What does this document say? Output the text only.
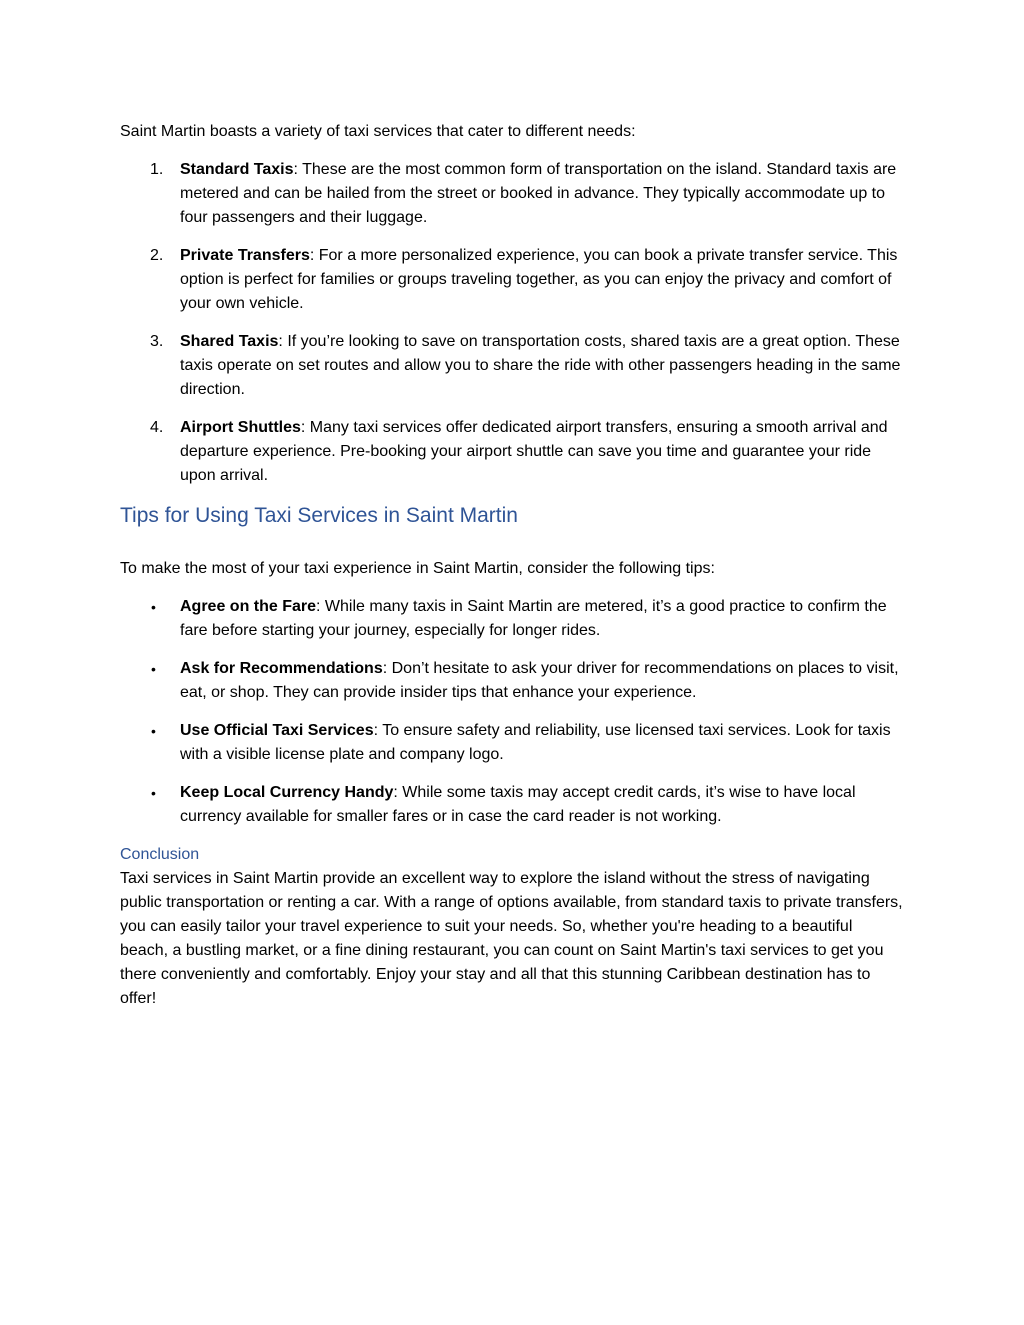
Saint Martin boasts a variety of taxi services that cater to different needs:

1. Standard Taxis: These are the most common form of transportation on the island. Standard taxis are metered and can be hailed from the street or booked in advance. They typically accommodate up to four passengers and their luggage.
2. Private Transfers: For a more personalized experience, you can book a private transfer service. This option is perfect for families or groups traveling together, as you can enjoy the privacy and comfort of your own vehicle.
3. Shared Taxis: If you’re looking to save on transportation costs, shared taxis are a great option. These taxis operate on set routes and allow you to share the ride with other passengers heading in the same direction.
4. Airport Shuttles: Many taxi services offer dedicated airport transfers, ensuring a smooth arrival and departure experience. Pre-booking your airport shuttle can save you time and guarantee your ride upon arrival.
Tips for Using Taxi Services in Saint Martin

To make the most of your taxi experience in Saint Martin, consider the following tips:

• Agree on the Fare: While many taxis in Saint Martin are metered, it’s a good practice to confirm the fare before starting your journey, especially for longer rides.
• Ask for Recommendations: Don’t hesitate to ask your driver for recommendations on places to visit, eat, or shop. They can provide insider tips that enhance your experience.
• Use Official Taxi Services: To ensure safety and reliability, use licensed taxi services. Look for taxis with a visible license plate and company logo.
• Keep Local Currency Handy: While some taxis may accept credit cards, it’s wise to have local currency available for smaller fares or in case the card reader is not working.
Conclusion

Taxi services in Saint Martin provide an excellent way to explore the island without the stress of navigating public transportation or renting a car. With a range of options available, from standard taxis to private transfers, you can easily tailor your travel experience to suit your needs. So, whether you're heading to a beautiful beach, a bustling market, or a fine dining restaurant, you can count on Saint Martin's taxi services to get you there conveniently and comfortably. Enjoy your stay and all that this stunning Caribbean destination has to offer!
